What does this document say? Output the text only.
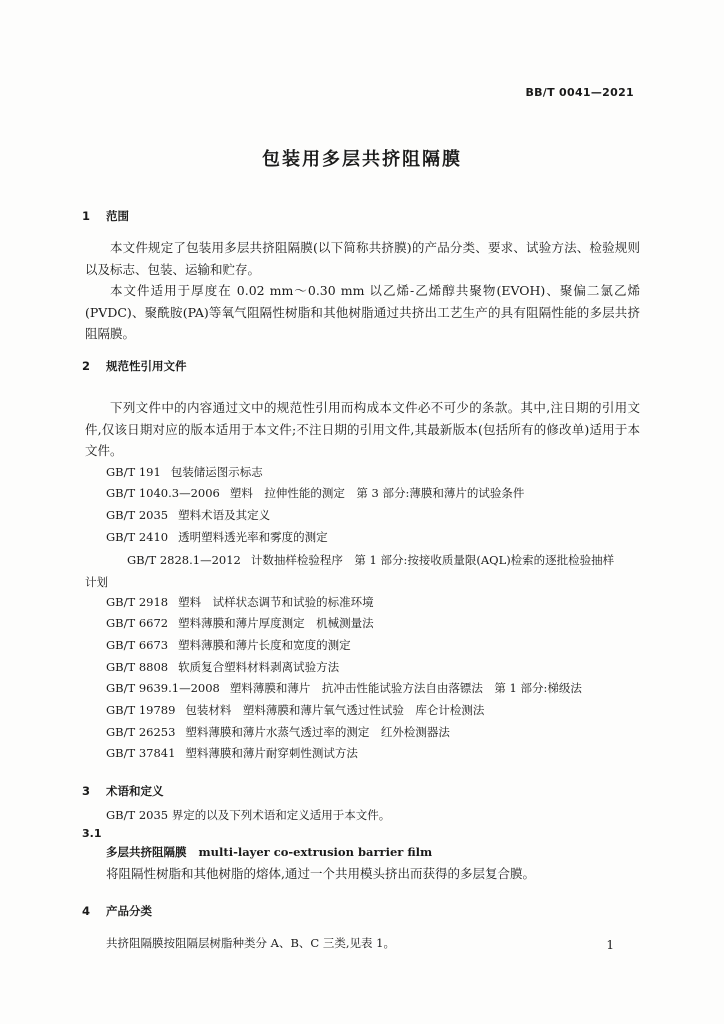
BB/T 0041—2021
包装用多层共挤阻隔膜
1 范围
本文件规定了包装用多层共挤阻隔膜(以下简称共挤膜)的产品分类、要求、试验方法、检验规则以及标志、包装、运输和贮存。
本文件适用于厚度在 0.02 mm～0.30 mm 以乙烯-乙烯醇共聚物(EVOH)、聚偏二氯乙烯(PVDC)、聚酰胺(PA)等氧气阻隔性树脂和其他树脂通过共挤出工艺生产的具有阻隔性能的多层共挤阻隔膜。
2 规范性引用文件
下列文件中的内容通过文中的规范性引用而构成本文件必不可少的条款。其中,注日期的引用文件,仅该日期对应的版本适用于本文件;不注日期的引用文件,其最新版本(包括所有的修改单)适用于本文件。
GB/T 191 包装储运图示标志
GB/T 1040.3—2006 塑料　拉伸性能的测定　第 3 部分:薄膜和薄片的试验条件
GB/T 2035 塑料术语及其定义
GB/T 2410 透明塑料透光率和雾度的测定
GB/T 2828.1—2012 计数抽样检验程序　第 1 部分:按接收质量限(AQL)检索的逐批检验抽样计划
GB/T 2918 塑料　试样状态调节和试验的标准环境
GB/T 6672 塑料薄膜和薄片厚度测定　机械测量法
GB/T 6673 塑料薄膜和薄片长度和宽度的测定
GB/T 8808 软质复合塑料材料剥离试验方法
GB/T 9639.1—2008 塑料薄膜和薄片　抗冲击性能试验方法自由落镖法　第 1 部分:梯级法
GB/T 19789 包装材料　塑料薄膜和薄片氧气透过性试验　库仑计检测法
GB/T 26253 塑料薄膜和薄片水蒸气透过率的测定　红外检测器法
GB/T 37841 塑料薄膜和薄片耐穿刺性测试方法
3 术语和定义
GB/T 2035 界定的以及下列术语和定义适用于本文件。
3.1
多层共挤阻隔膜 multi-layer co-extrusion barrier film
将阻隔性树脂和其他树脂的熔体,通过一个共用模头挤出而获得的多层复合膜。
4 产品分类
共挤阻隔膜按阻隔层树脂种类分 A、B、C 三类,见表 1。	1
